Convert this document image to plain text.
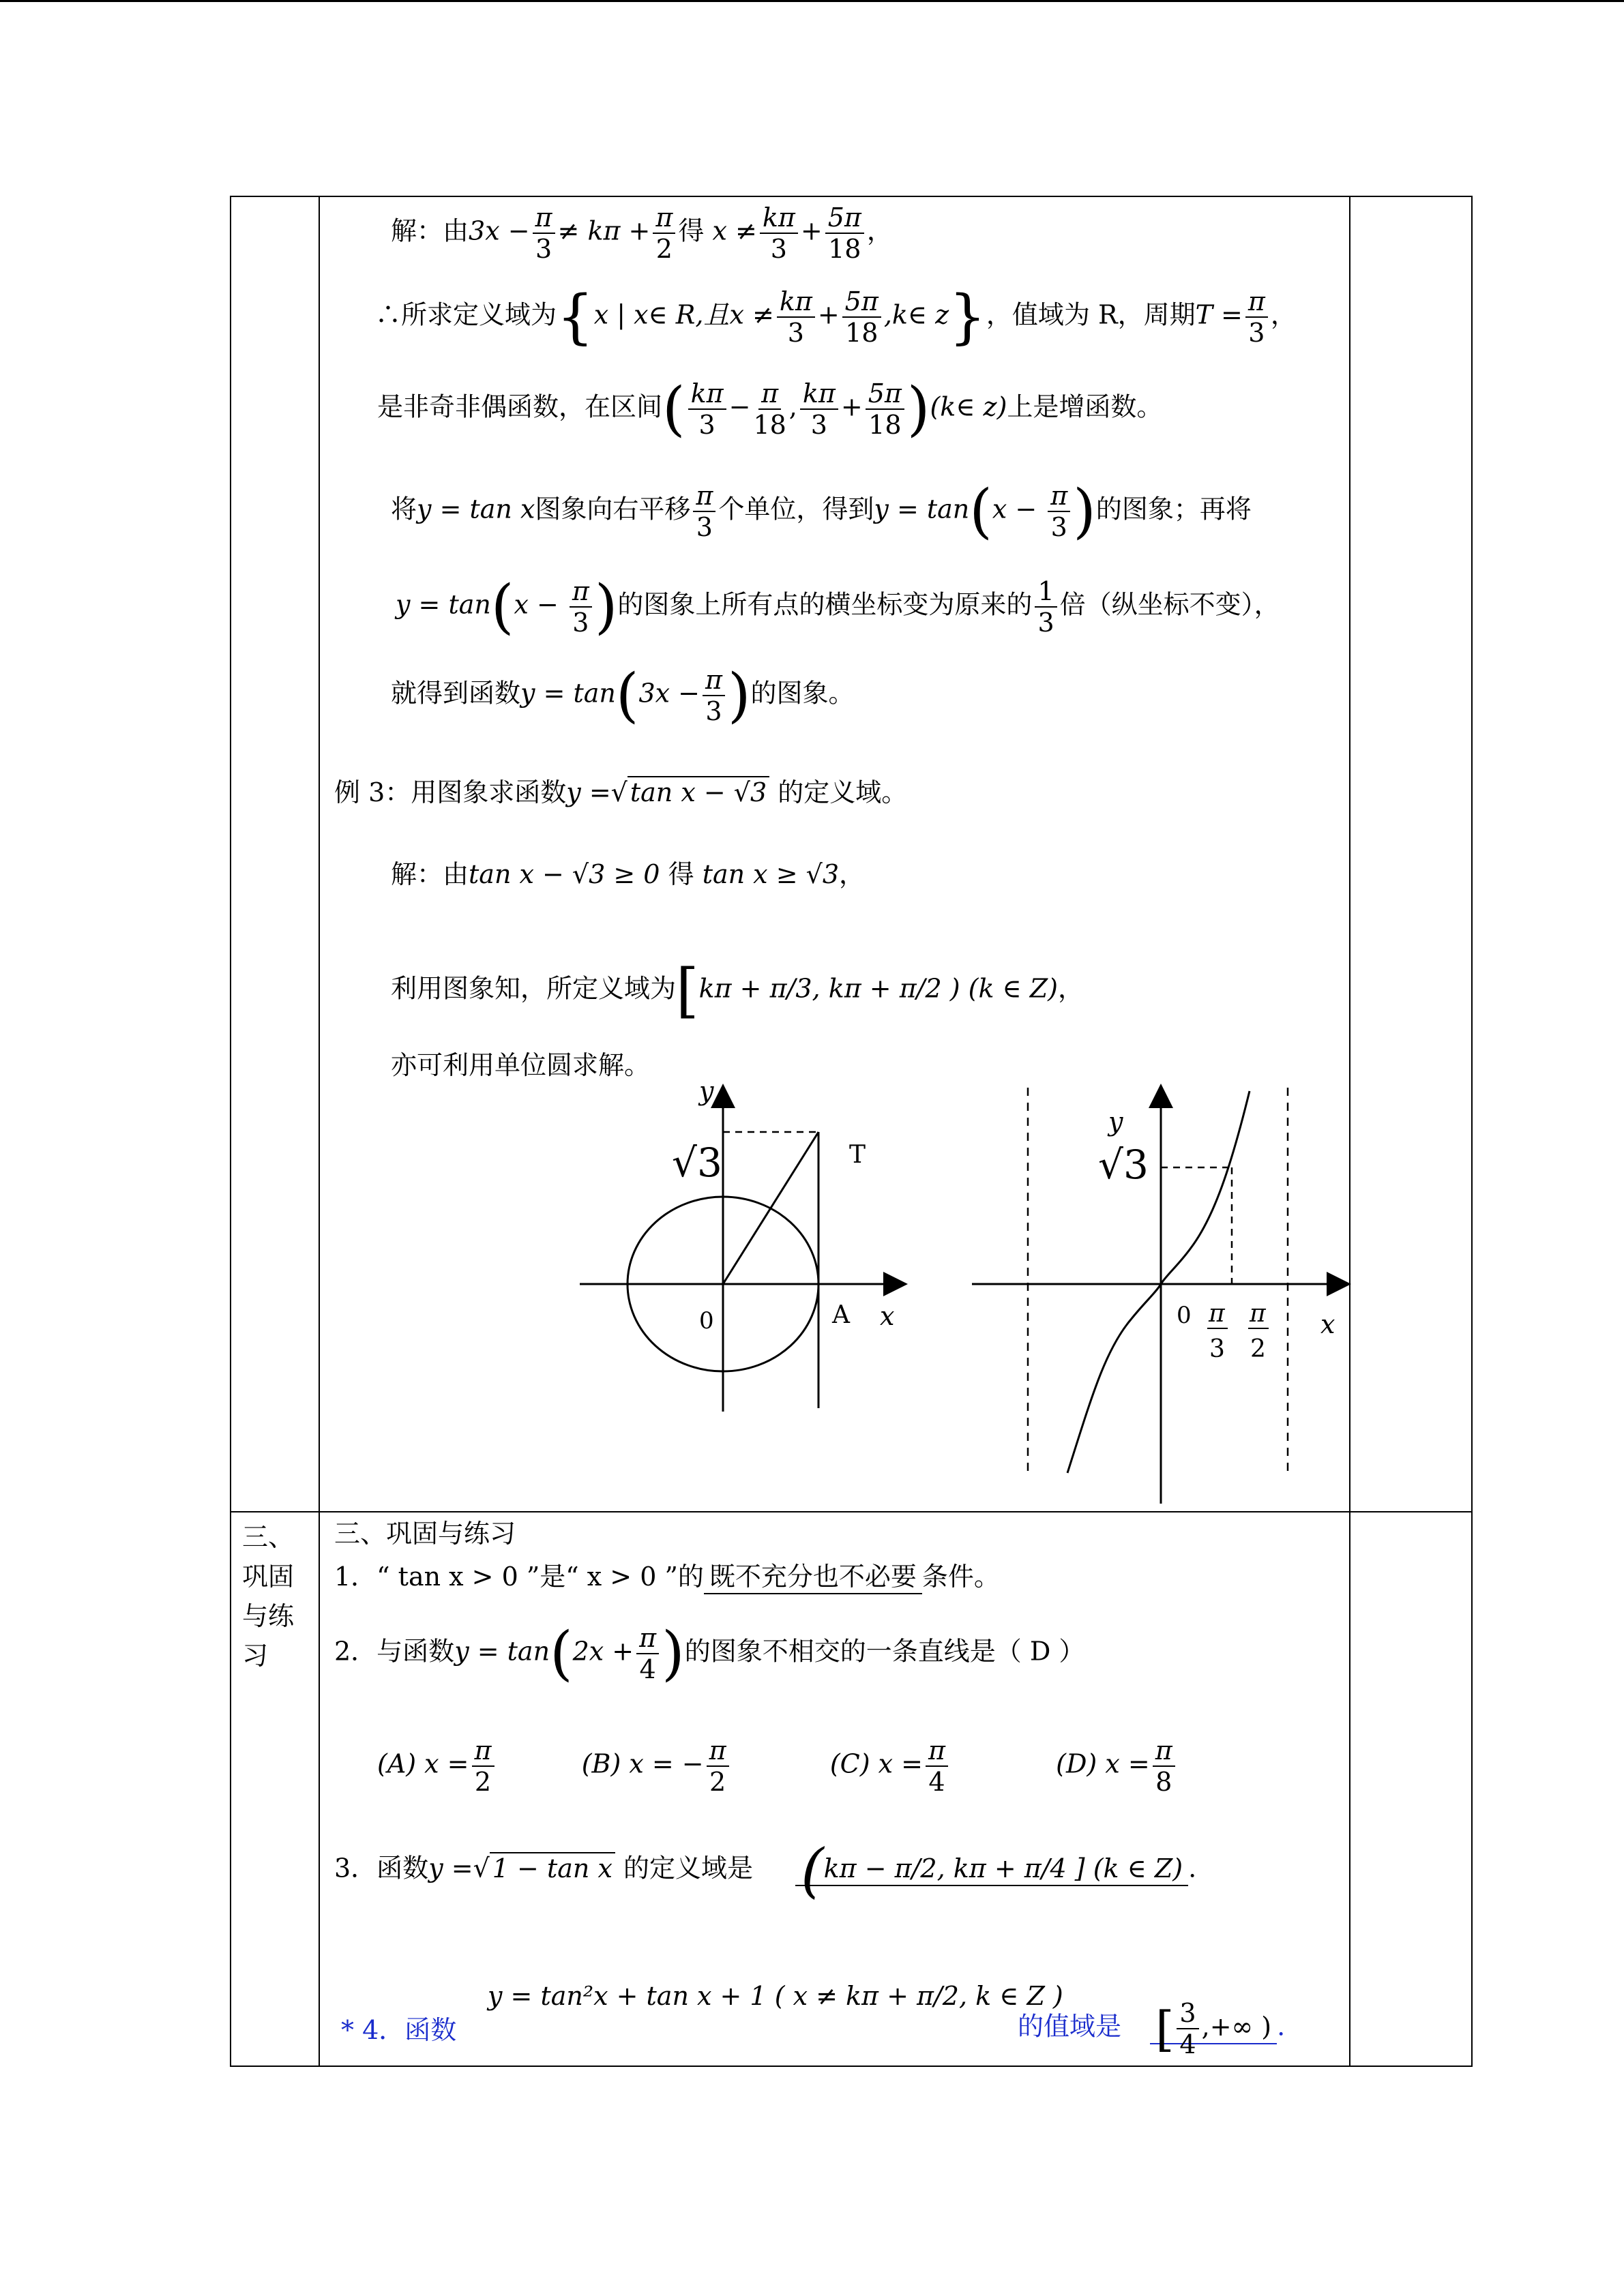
解：由$3x - \frac{\pi}{3} \ne k\pi + \frac{\pi}{2}$ 得 $x \ne \frac{k\pi}{3} + \frac{5\pi}{18}$ ，
∴所求定义域为{x | x∈ R,且$x \ne \frac{k\pi}{3} + \frac{5\pi}{18}$ ,k∈ z}，值域为 R，周期$T = \frac{\pi}{3}$ ，
是非奇非偶函数，在区间( $\frac{k\pi}{3} - \frac{\pi}{18}$ , $\frac{k\pi}{3} + \frac{5\pi}{18}$ )(k∈ z)上是增函数。
将y = tan x图象向右平移 $\frac{\pi}{3}$ 个单位，得到$y = \tan(x - \frac{\pi}{3}$ )的图象；再将
$y = \tan(x - \frac{\pi}{3}$ )的图象上所有点的横坐标变为原来的 $\frac{1}{3}$ 倍（纵坐标不变），
就得到函数$y = \tan(3x - \frac{\pi}{3}$ )的图象。
例 3：用图象求函数y =√ tan x − √3 的定义域。
解：由tan x − √3 ≥ 0 得 tan x ≥ √3，
利用图象知，所定义域为[kπ + π/3, kπ + π/2 ) (k ∈ Z)，
亦可利用单位圆求解。
y
√3	T
0	A x
y
√3
0 π
3
π
2
x
三、
巩固
与练
习
三、巩固与练习
1．“ tan x > 0 ”是“ x > 0 ”的 既不充分也不必要 条件。
2．与函数$y = \tan(2x + \frac{\pi}{4}$ )的图象不相交的一条直线是（ D ）
(A) $x = \frac{\pi}{2}$	(B) x = − $\frac{\pi}{2}$	(C) $x = \frac{\pi}{4}$	(D) $x = \frac{\pi}{8}$
3．函数y =√ 1 − tan x 的定义域是 (kπ − π/2, kπ + π/4 ] (k ∈ Z) .
y = tan²x + tan x + 1 ( x ≠ kπ + π/2, k ∈ Z )
* 4．函数	的值域是 [ $\frac{3}{4}$ ,+∞ ) .
